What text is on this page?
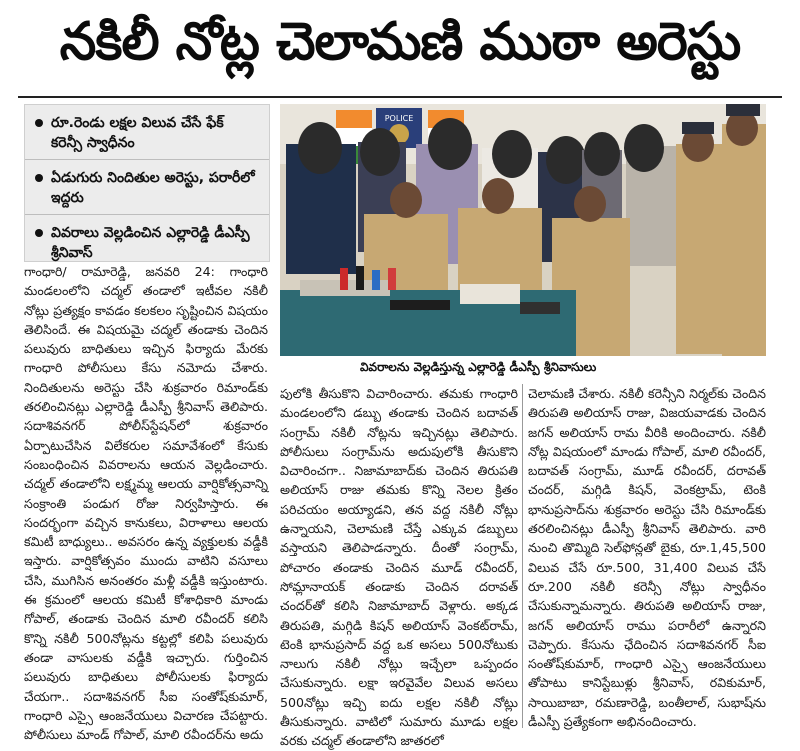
నకిలీ నోట్ల చెలామణి ముఠా అరెస్టు
రూ.రెండు లక్షల విలువ చేసే ఫేక్ కరెన్సీ స్వాధీనం
ఏడుగురు నిందితుల అరెస్టు, పరారీలో ఇద్దరు
వివరాలు వెల్లడించిన ఎల్లారెడ్డి డీఎస్పీ శ్రీనివాస్
POLICE
వివరాలను వెల్లడిస్తున్న ఎల్లారెడ్డి డీఎస్పీ శ్రీనివాసులు
గాంధారి/ రామారెడ్డి, జనవరి 24: గాంధారి మండలంలోని చద్మల్ తండాలో ఇటీవల నకిలీ నోట్లు ప్రత్యక్షం కావడం కలకలం సృష్టించిన విషయం తెలిసిందే. ఈ విషయమై చద్మల్ తండాకు చెందిన పలువురు బాధితులు ఇచ్చిన ఫిర్యాదు మేరకు గాంధారి పోలీసులు కేసు నమోదు చేశారు. నిందితులను అరెస్టు చేసి శుక్రవారం రిమాండ్‌కు తరలించినట్లు ఎల్లారెడ్డి డీఎస్పీ శ్రీనివాస్ తెలిపారు. సదాశివనగర్ పోలీస్‌స్టేషన్‌లో శుక్రవారం ఏర్పాటుచేసిన విలేకరుల సమావేశంలో కేసుకు సంబంధించిన వివరాలను ఆయన వెల్లడించారు. చద్మల్ తండాలోని లక్ష్మమ్మ ఆలయ వార్షికోత్సవాన్ని సంక్రాంతి పండుగ రోజు నిర్వహిస్తారు. ఈ సందర్భంగా వచ్చిన కానుకలు, విరాళాలు ఆలయ కమిటీ బాధ్యులు.. అవసరం ఉన్న వ్యక్తులకు వడ్డీకి ఇస్తారు. వార్షికోత్సవం ముందు వాటిని వసూలు చేసి, ముగిసిన అనంతరం మళ్లీ వడ్డీకి ఇస్తుంటారు. ఈ క్రమంలో ఆలయ కమిటీ కోశాధికారి మాండు గోపాల్, తండాకు చెందిన మాలి రవీందర్ కలిసి కొన్ని నకిలీ 500నోట్లను కట్టల్లో కలిపి పలువురు తండా వాసులకు వడ్డీకి ఇచ్చారు. గుర్తించిన పలువురు బాధితులు పోలీసులకు ఫిర్యాదు చేయగా.. సదాశివనగర్ సీఐ సంతోష్‌కుమార్, గాంధారి ఎస్సై ఆంజనేయులు విచారణ చేపట్టారు. పోలీసులు మాండ్ గోపాల్, మాలి రవీందర్‌ను అదు
పులోకి తీసుకొని విచారించారు. తమకు గాంధారి మండలంలోని డబ్బు తండాకు చెందిన బదావత్ సంగ్రామ్ నకిలీ నోట్లను ఇచ్చినట్లు తెలిపారు. పోలీసులు సంగ్రామ్‌ను అదుపులోకి తీసుకొని విచారించగా.. నిజామాబాద్‌కు చెందిన తిరుపతి అలియాస్ రాజు తమకు కొన్ని నెలల క్రితం పరిచయం అయ్యాడని, తన వద్ద నకిలీ నోట్లు ఉన్నాయని, చెలామణి చేస్తే ఎక్కువ డబ్బులు వస్తాయని తెలిపాడన్నారు. దీంతో సంగ్రామ్, పోచారం తండాకు చెందిన మూడ్ రవీందర్, సోమ్లానాయక్ తండాకు చెందిన దరావత్ చందర్‌తో కలిసి నిజామాబాద్ వెళ్లారు. అక్కడ తిరుపతి, మగ్గిడి కిషన్ అలియాస్ వెంకట్‌రామ్, టెంకి భానుప్రసాద్ వద్ద ఒక అసలు 500నోటుకు నాలుగు నకిలీ నోట్లు ఇచ్చేలా ఒప్పందం చేసుకున్నారు. లక్షా ఇరవైవేల విలువ అసలు 500నోట్లు ఇచ్చి ఐదు లక్షల నకిలీ నోట్లు తీసుకున్నారు. వాటిలో సుమారు మూడు లక్షల వరకు చద్మల్ తండాలోని జాతరలో
చెలామణి చేశారు. నకిలీ కరెన్సీని నిర్మల్‌కు చెందిన తిరుపతి అలియాస్ రాజు, విజయవాడకు చెందిన జగన్ అలియాస్ రామ వీరికి అందించారు. నకిలీ నోట్ల విషయంలో మాండు గోపాల్, మాలి రవీందర్, బదావత్ సంగ్రామ్, మూడ్ రవీందర్, దరావత్ చందర్, మగ్గిడి కిషన్, వెంకట్రామ్, టెంకి భానుప్రసాద్‌ను శుక్రవారం అరెస్టు చేసి రిమాండ్‌కు తరలించినట్లు డీఎస్పీ శ్రీనివాస్ తెలిపారు. వారి నుంచి తొమ్మిది సెల్‌ఫోన్లతో బైకు, రూ.1,45,500 విలువ చేసే రూ.500, 31,400 విలువ చేసే రూ.200 నకిలీ కరెన్సీ నోట్లు స్వాధీనం చేసుకున్నామన్నారు. తిరుపతి అలియాస్ రాజు, జగన్ అలియాస్ రాము పరారీలో ఉన్నారని చెప్పారు. కేసును ఛేదించిన సదాశివనగర్ సీఐ సంతోష్‌కుమార్, గాంధారి ఎస్సై ఆంజనేయులు తోపాటు కానిస్టేబుళ్లు శ్రీనివాస్, రవికుమార్, సాయిబాబా, రమణారెడ్డి, బంతీలాల్, సుభాష్‌ను డీఎస్పీ ప్రత్యేకంగా అభినందించారు.
